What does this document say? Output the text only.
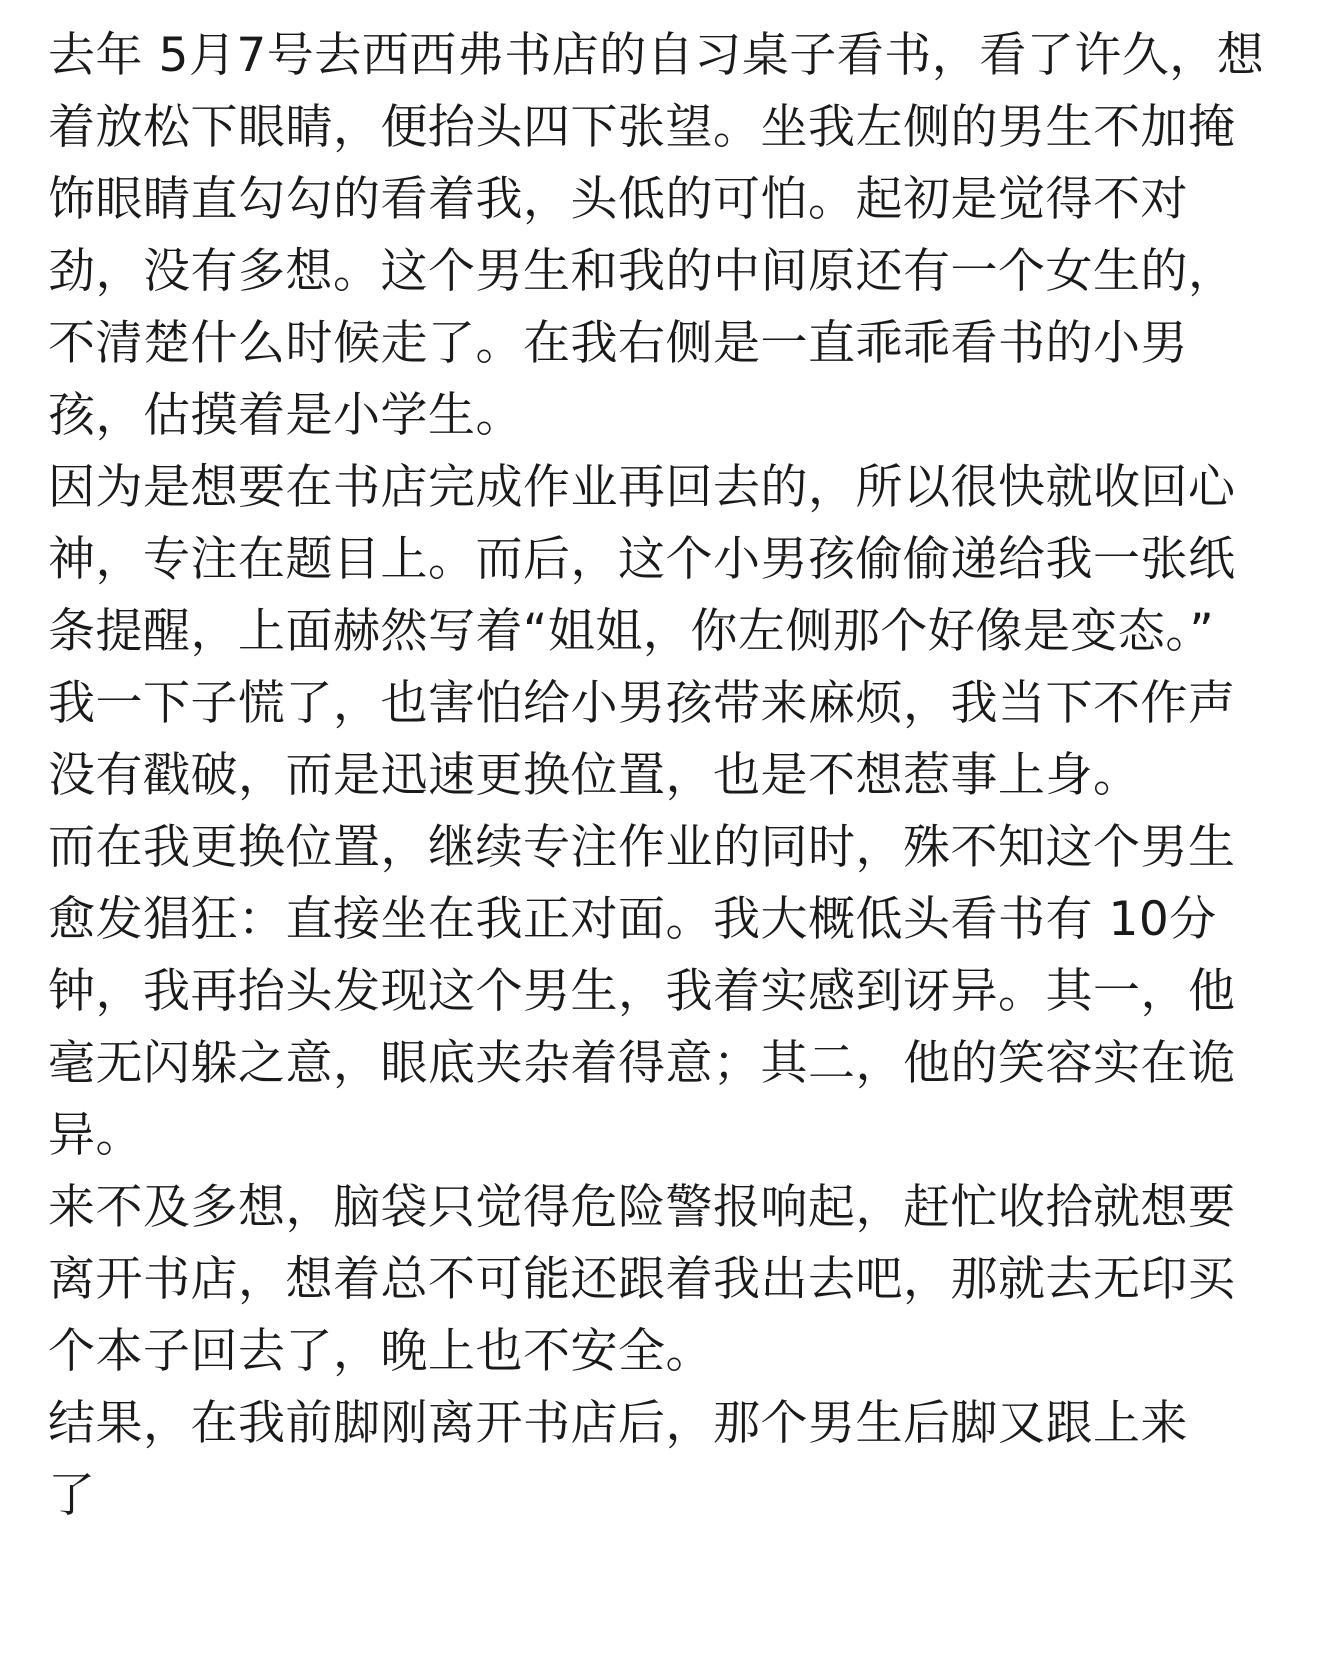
去年 5月7号去西西弗书店的自习桌子看书，看了许久，想
着放松下眼睛，便抬头四下张望。坐我左侧的男生不加掩
饰眼睛直勾勾的看着我，头低的可怕。起初是觉得不对
劲，没有多想。这个男生和我的中间原还有一个女生的，
不清楚什么时候走了。在我右侧是一直乖乖看书的小男
孩，估摸着是小学生。
因为是想要在书店完成作业再回去的，所以很快就收回心
神，专注在题目上。而后，这个小男孩偷偷递给我一张纸
条提醒，上面赫然写着“姐姐，你左侧那个好像是变态。”
我一下子慌了，也害怕给小男孩带来麻烦，我当下不作声
没有戳破，而是迅速更换位置，也是不想惹事上身。
而在我更换位置，继续专注作业的同时，殊不知这个男生
愈发猖狂：直接坐在我正对面。我大概低头看书有 10分
钟，我再抬头发现这个男生，我着实感到讶异。其一，他
毫无闪躲之意，眼底夹杂着得意；其二，他的笑容实在诡
异。
来不及多想，脑袋只觉得危险警报响起，赶忙收拾就想要
离开书店，想着总不可能还跟着我出去吧，那就去无印买
个本子回去了，晚上也不安全。
结果，在我前脚刚离开书店后，那个男生后脚又跟上来
了
